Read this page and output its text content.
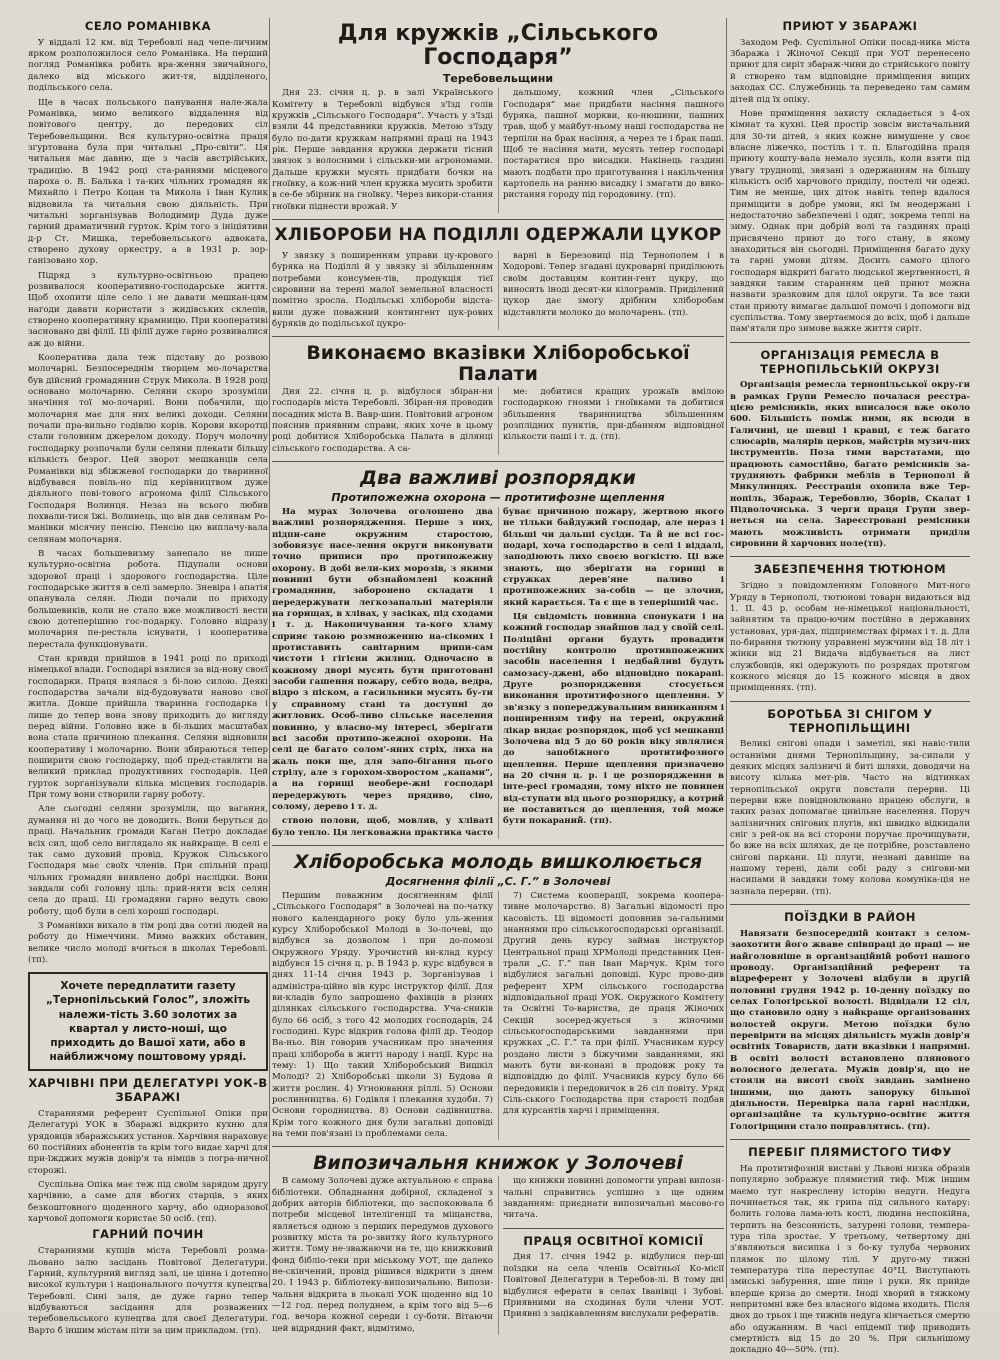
СЕЛО РОМАНІВКА

У віддалі 12 км. від Теребовлі над чепе-личним ярком розположилося село Романівка. На перший погляд Романівка робить вра-ження звичайного, далеко від міського жит-тя, відділеного, подільського села.

Ще в часах польського панування нале-жала Романівка, мимо великого віддалення від повітового центру, до передових сіл Теребовельщини. Вся культурно-освітна праця згуртована була при читальні „Про-світи”. Ця читальня має давню, ще з часів австрійських, традицію. В 1942 році ста-раннями місцевого пароха о. В. Балька і та-ких чільних громадян як Михайло і Петро Коцан та Микола і Іван Кулик відновила та читальня свою діяльність. При читальні зорганізував Володимир Дуда дуже гарний драматичний гурток. Крім того з ініціятиви д-р Ст. Мишка, теребовельського адвоката, створено духову оркестру, а в 1931 р. зор-ганізовано хор.

Підряд з культурно-освітньою працею розвивалося кооперативно-господарське життя. Щоб охопити ціле село і не давати мешкан-цям нагоди давати користати з жидівських склепів, створено кооперативну крамницю. При кооперативі засновано дві філії. Ці філії дуже гарно розвивалися аж до війни.

Кооператива дала теж підставу до розвою молочарні. Безпосереднім творцем мо-лочарства був дійсний громадянин Струк Микола. В 1928 році основано молочарню. Селяни скоро зрозуміли значіння тої мо-лочарні. Вони побачили, що молочарня має для них великі доходи. Селяни почали пра-вильно годівлю корів. Корови вкоротці стали головним джерелом доходу. Поруч молочну господарку розпочали були селяни плекати більшу кількість безрог. Цей зворот мешканців села Романівки від збіжжевої господарки до тваринної відбувався повіль-но під керівництвом дуже діяльного пові-тового агронома філії Сільського Господаря Волинця. Незаз на всього любив похвали-тися їжі. Волинець, що він дав селянам Ро-манівки місячну пенсію. Пенсію цю виплачу-вала селянам молочарня.

В часах большевизму занепало не лише культурно-освітна робота. Підупали основи здорової праці і здорового господарства. Ціле господарське життя в селі замерло. Зневіра і апатія опанувала селян. Люди почали по приходу большевиків, коли не стало вже можливості вести свою дотеперішню гос-подарку. Головно відразу молочарня пе-рестала існувати, і кооператива перестала функціонувати.

Стан кривди прийшов в 1941 році по приході німецької влади. Господарі взялися за від-нову своєї господарки. Праця взялася з бі-лою силою. Деякі господарства зачали від-будовувати наново свої житла. Довше прийшла тваринна господарка і лише до тепер вона знову приходить до вигляду перед війни. Головно вже в бі-льших масштабах вона стала причиною плекання. Селяни відновили кооперативу і молочарню. Вони збираються тепер поширити свою господарку, щоб пред-ставляти на великий приклад продуктивних господарів. Цей гурток зорганізували кілька місцевих господарів. При тому вони створили гарну роботу.

Але сьогодні селяни зрозуміли, що вагання, думання ні до чого не доводить. Вони беруться до праці. Начальник громади Каган Петро докладає всіх сил, щоб село виглядало як найкраще. В селі є так само духовий провід. Кружок Сільського Господаря має своїх членів. При спільній праці чільних громадян виявлено добрі наслідки. Вони завдали собі головну ціль: прий-няти всіх селян села до праці. Ці громадяни гарно ведуть свою роботу, щоб були в селі хороші господарі.

З Романівки вихало в тім році два сотні людей на роботу до Німеччини. Мимо важких обставин, велике число молоді вчиться в школах Теребовлі. (тп).

Хочете передплатити газету „Тернопільський Голос”, зложіть належи-тість 3.60 золотих за квартал у листо-ноші, що приходить до Вашої хати, або в найближчому поштовому уряді.
ХАРЧІВНІ ПРИ ДЕЛЕГАТУРІ УОК-В ЗБАРАЖІ

Стараннями референт Суспільної Опіки при Делегатурі УОК в Збаражі відкрито кухню для урядовців збаражських установ. Харчівня нараховує 60 постійних абонентів та крім того видає харчі для при-їжджих мужів довір'я та німців з погра-ничної сторожі.

Суспільна Опіка має теж під своїм зарядом другу харчівню, а саме для вбогих старців, з яких безкоштовного щоденного харчу, або одноразової харчової допомоги користає 50 осіб. (тп).

ГАРНИЙ ПОЧИН

Стараннями купців міста Теребовлі розма-льовано залю засідань Повітової Делегатури. Гарний, культурний вигляд залі, це цінна і дотепно високої культури і національного почуття купецтва Теребовлі. Сині заля, де дуже гарно тепер відбуваються засідання для розважених теребовельського купецтва для своєї Делегатури. Варто б іншим містам піти за цим прикладом. (тп).

Для кружків „Сільського Господаря”
Теребовельщини

Дня 23. січня ц. р. в залі Українського Комітету в Теребовлі відбувся з'їзд голів кружків „Сільського Господаря”. Участь у з'їзді взяли 44 представники кружків. Метою з'їзду було по-дати кружкам напрямні праці на 1943 рік. Перше завдання кружка держати тісний звязок з волосними і сільськи-ми агрономами. Дальше кружки мусять придбати бочки на гноївку, а кож-ний член кружка мусить зробити в се-бе збірник на гноївку. Через викори-стання гноївки піднести врожай. У

дальшому, кожний член „Сільського Господаря” має придбати насіння пашного буряка, пашної моркви, ко-нюшини, пашних трав, щоб у майбут-ньому наші господарства не терпіли на брак насіння, а через те і брак паші. Щоб те насіння мати, мусять тепер господарі постаратися про висадки. Накінець газдині мають подбати про приготування і накільчення картопель на ранню висадку і змагати до вико-ристання городу під городовину. (тп).

ХЛІБОРОБИ НА ПОДІЛЛІ ОДЕРЖАЛИ ЦУКОР

У звязку з поширенням управи цу-крового буряка на Поділлі й у звязку зі збільшенням потребами консумен-тів, продукція тієї сировини на терені малої земельної власності помітно зросла. Подільські хлібороби відста-вили дуже поважний контингент цук-рових буряків до подільської цукро-

варні в Березовиці під Тернополем і в Ходорові. Тепер згадані цукроварні приділюють своїм доставцям контин-гент цукру, що виносить іноді десят-ки кілограмів. Приділений цукор дає змогу дрібним хліборобам відставляти молоко до молочарень. (тп).

Виконаємо вказівки Хліборобської Палати

Дня 22. січня ц. р. відбулося збіран-ня господарів міста Теребовлі. Збіран-ня проводив посадник міста В. Вавр-шин. Повітовий агроном пояснив приявним справи, яких хоче в цьому році добитися Хліборобська Палата в ділянці сільського господарства. А са-

ме: добитися кращих урожаїв вмілою господаркою гноями і гноївками та добитися збільшення тваринництва збільшенням розплідних пунктів, при-дбанням відповідної кількости паші і т. д. (тп).

Два важливі розпорядки
Протипожежна охорона — протитифозне щеплення

На мурах Золочева оголошено два важливі розпорядження. Перше з них, підпи-сане окружним старостою, зобовязує насе-лення округи виконувати точно приписи про протипожежну охорону. В добі вели-ких морозів, з якими повинні бути обзнайомлені кожний громадянин, заборонено складати і передержувати легкозапальні матеріяли на горищах, в хлівах, у засіках, під сходами і т. д. Накопичування та-кого хламу сприяє такою розмноженню на-сікомих і протиставить санітарним припи-сам чистоти і гігієни жилищ. Одночасно в кожному дворі мусять бути приготовані засоби гашення пожару, себто вода, ведра, відро з піском, а гасильники мусять бу-ти у справному стані та доступні до житлових. Особ-ливо сільське населення повинно, у власно-му інтересі, зберігати всі засоби протипо-жежної охорони. На селі це багато солом'-яних стріх, лиха на жаль поки ще, для запо-бігання цього стрілу, але з горохом-хворостом „капами”, а на горищі необере-жні господарі передержують через прядиво, сіно, солому, дерево і т. д.

ствою полови, щоб, мовляв, у хліваті було тепло. Ця легковажна практика часто буває причиною пожару, жертвою якого не тільки байдужий господар, але нераз і більші чи дальші сусіди. Та й не всі гос-подарі, хоча господарство в селі і віддалі, заподіюють лихо своєю вогкістю. Ці вже знають, що зберігати на горищі в стружках дерев'яне паливо і протипожежних за-собів — це злочин, який карається. Та є ще в теперішній час.

Ця свідомість повинна спонукати і на кожний господар знайшов лад у своїй селі. Поліційні органи будуть провадити постійну контролю противпожежних засобів населення і недбайливі будуть самозасу-джені, або відповідно покарані. Друге розпорядження стосується виконання протитифозного щеплення. У зв'язку з попереджувальним виниканням і поширенням тифу на терені, окружний лікар видає розпорядок, щоб усі мешканці Золочева від 5 до 60 років віку являлися до запобіжного протитифозного щеплення. Перше щеплення призначено на 20 січня ц. р. і це розпорядження в інте-ресі громадян, тому ніхто не повинен від-ступати від цього розпорядку, а котрий не поставиться до щеплення, той може бути покараний. (тп).

Хліборобська молодь вишколюється
Досягнення філії „С. Г.” в Золочеві

Першим поважним досягненням філії „Сільського Господаря” в Золочеві на по-чатку нового календарного року було уль-ження курсу Хліборобської Молоді в Зо-лочеві, що відбувся за дозволом і при до-помозі Окружного Уряду. Урочистий ви-клад курсу відбувся 15 січня ц. р. В 1943 р. курс відбувся в днях 11-14 січня 1943 р. Зорганізував і адміністра-ційно вів курс інструктор філії. Для ви-кладів було запрошено фахівців в різних ділянках сільського господарства. Уча-сників було 66 осіб, з того 42 молодих господарів, 24 господині. Курс відкрив голова філії др. Теодор Ва-ньо. Він говорив учасникам про значення праці хлібороба в житті народу і нації. Курс на тему: 1) Що такий Хліборобський Вишкіл Молоді? 2) Хліборобські школи 3) Будова й життя рослин. 4) Угноювання ріллі. 5) Основи рослинництва. 6) Годівля і плекання худоби. 7) Основи городництва. 8) Основи садівництва. Крім того кожного дня були загальні доповіді на теми пов'язані із проблемами села.

7) Система кооперації, зокрема коопера-тивне молочарство. 8) Загальні відомості про касовість. Ці відомості доповнив за-гальними знаннями про сільськогосподарські організації. Другий день курсу займав інструктор Центральної праці ХРМолоді представник Цен-трали „С. Г.” пан Іван Марчук. Крім того відбулися загальні доповіді. Курс прово-див референт ХРМ сільського господарства відповідальної праці УОК. Окружного Комітету та Освітні То-вариства, де праця Жіночих Секцій зосеред-жується з жіночими сільськогосподарськими завданнями при кружках „С. Г.” та при філії. Учасникам курсу роздано листи з біжучими завданнями, які мають бути ви-конані в продовж року та відповіддю до філії. Учасників курсу було 66 передовиків і передовичок в 26 сіл повіту. Уряд Сіль-ського Господарства при старості подбав для курсантів харчі і приміщення.

Випозичальня книжок у Золочеві

В самому Золочеві дуже актуальною є справа бібліотеки. Обладнання добірної, складеної з добрих авторів бібліотеки, що заспокоювала б потреби місцевої інтелігенції та міщанства, являється одною з перших передумов духового розвитку міста та ро-звитку його культурного життя. Тому не-зважаючи на те, що книжковий фонд бібліо-теки при міському УОТ, ще далеко не-скінчений, провід рішився відкрити з днем 20. І 1943 р. бібліотеку-випозичальню. Випози-чальня відкрита в льокалі УОК щоденно від 10—12 год. перед полуднем, а крім того від 5—6 год. вечора кожної середи і су-боти. Вітаючи цей відрядний факт, відмітимо,

що книжки повинні допомогти управі випози-чальні справитись успішно з ще одним завданням: приєднати випозичальні масово-го читача.

ПРАЦЯ ОСВІТНОЇ КОМІСІЇ

Дня 17. січня 1942 р. відбулися пер-ші поїздки на села членів Освітньої Ко-місії Повітової Делегатури в Теребов-лі. В тому дні відбулися еферати в селах Іванівці і Зубові. Приявними на сходинах були члени УОТ. Приявні з зацікавленням вислухали рефератів.

ПРИЮТ У ЗБАРАЖІ

Заходом Реф. Суспільної Опіки посад-ника міста Збаража і Жіночої Секції при УОТ перенесено приют для сиріт збараж-чини до стрийського повіту й створено там відповідне приміщення вищих заходах СС. Служебниць та переведено там самим дітей під їх опіку.

Нове приміщення захисту складається з 4-ох кімнат та кухні. Цей простір зовсім вистачальний для 30-ти дітей, з яких кожне вимушене у своє власне ліжечко, постіль і т. п. Благодійна праця приюту кошту-вала немало зусиль, коли взяти під увагу труднощі, звязані з одержанням на більшу кількість осіб харчового приділу, постелі чи одежі. Тим не менше, цих діток навіть тепер вдалося приміщити в добре умови, які їм неодержані і недостаточно забезпечені і одяг, зокрема теплі на зиму. Однак при добрій волі та газдинях праці присвячено приют до того стану, в якому знаходиться він сьогодні. Приміщення багато духу та гарні умови дітям. Досить самого цілого господаря відкриті багато людської жертвенності, й завдяки таким старанням цей приют можна назвати зразковим для цілої округи. Та все таки стан приюту вимагає дальшої помочі і допомоги від суспільства. Тому звертаємося до всіх, щоб і дальше пам'ятали про зимове важке життя сиріт.

ОРГАНІЗАЦІЯ РЕМЕСЛА В ТЕРНОПІЛЬСЬКІЙ ОКРУЗІ

Організація ремесла тернопільської окру-ги в рамках Групи Ремесло почалася реєстра-цією ремісників, яких вписалося вже около 600. Більшість поміж ними, як всюди в Галичині, це шевці і кравці, є теж багато слюсарів, малярів церков, майстрів музич-них інструментів. Поза тими варстатами, що працюють самостійно, багато ремісників за-трудняють фабрики меблів в Тернополі й Микулинцях. Реєстрація охопила вже Тер-нопіль, Збараж, Теребовлю, Зборів, Скалат і Підволочиська. З черги праця Групи звер-неться на села. Зареєстровані ремісники мають можливість отримати приділи сировини й харчових поле(тп).

ЗАБЕЗПЕЧЕННЯ ТЮТЮНОМ

Згідно з повідомленням Головного Мит-ного Уряду в Тернополі, тютюнові товари видаються від 1. II. 43 р. особам не-німецької національності, зайнятим та працю-ючим постійно в державних установах, уря-дах, підприємствах фірмах і т. д. Для по-бирання тютюну управнені мужчини від 18 літ і жінки від 21 Видача відбувається на лист службовців, які одержують по розрядах протягом кожного місяця до 15 кожного місяця в двох приміщеннях. (тп).

БОРОТЬБА ЗІ СНІГОМ У ТЕРНОПІЛЬЩИНІ

Великі снігові опади і заметілі, які навіс-тили останніми днями Тернопільщину, за-сипали у деяких місцях залізничі й биті шляхи, доводячи на висоту кілька мет-рів. Часто на відтинках тернопільської округи повстали перерви. Ці перерви вже повідновлювано працею обслуги, в таких разах допомагає цивільне населення. Поруч залізничних снігових плугів, які швидко відкидали сніг з рей-ок на всі сторони поручає прочищувати, бо вже на всіх шляхах, де це потрібне, розставлено снігові паркани. Ці плуги, незнані давніше на нашому терені, дали собі раду з снігови-ми насипами й завдяки тому колова комуніка-ція не зазнала перерви. (тп).

ПОЇЗДКИ В РАЙОН

Навязати безпосередній контакт з селом-заохотити його жваве співпраці до праці — не найголовніше в організаційній роботі нашого проводу. Організаційний референт та відреферент у Золочеві відбули в другій половині грудня 1942 р. 10-денну поїздку по селах Гологірської волості. Відвідали 12 сіл, що становило одну з найкраще організованих волостей округи. Метою поїздки було перевірити на місцях діяльність мужів довір'я освітніх Товариств, дати вказівки і напрямні. В освіті волості встановлено плянового волосного делегата. Мужів довір'я, що не стояли на висоті своїх завдань замінено іншими, що дають запоруку більшої діяльности. Перевірка пала гарні наслідки, організаційне та культурно-освітнє життя Гологірщини стало поправлятись. (тп).

ПЕРЕБІГ ПЛЯМИСТОГО ТИФУ

На протитифозній виставі у Львові низка образів популярно зображує плямистий тиф. Між іншим маємо тут накреслену історію недуги. Недуга починається так, як грипа під сильного катару: болить голова лама-ють кості, людина неспокійна, терпить на безсонність, затурені голови, темпера-тура тіла зростає. У третьому, четвертому дні з'являються висипка і з бо-ку тулуба червоних плямок по цілому тілі. У друго-му тижні температура тіла переступає 40°Ц. Виступають змиські забурення, шие лице і руки. Як прийде вперше криза до смерти. Іноді хворий в тяжкому непритомні вже без власного відома входить. Після двох до трьох і ще тижнів недуга кінчається смертю або одужанням. В часі епідемії тиф приводить смертність від 15 до 20 %. При сильнішому докладно 40—50%. (тп).
